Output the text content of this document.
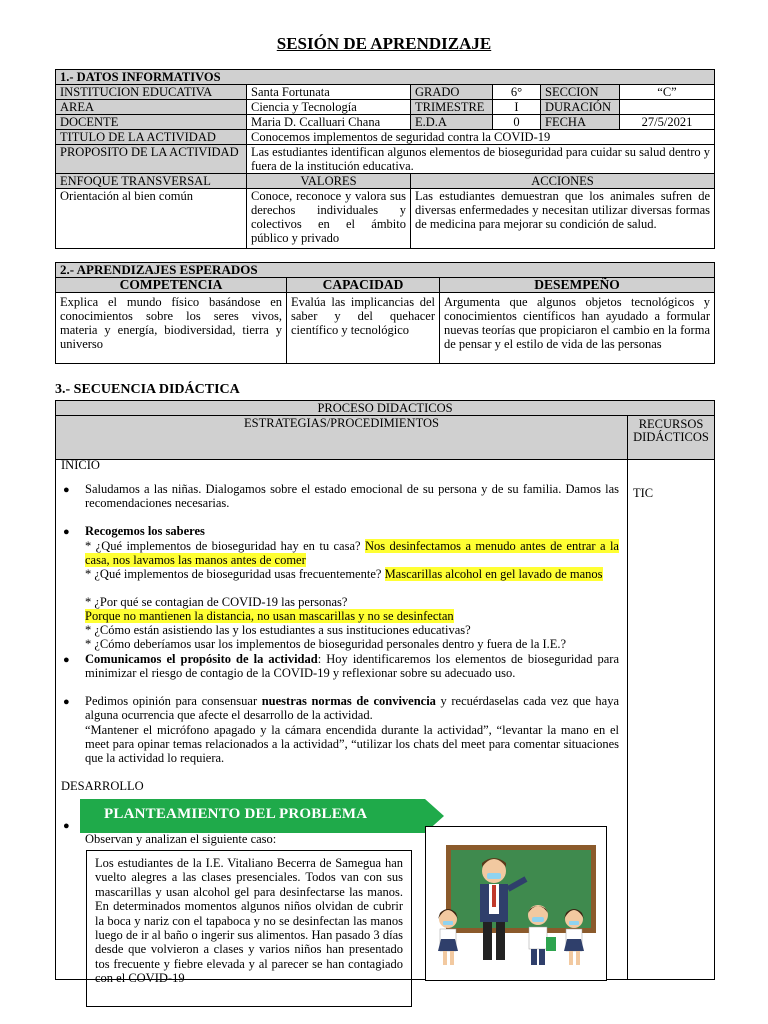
SESIÓN DE APRENDIZAJE
1.- DATOS INFORMATIVOS					
INSTITUCION EDUCATIVA	Santa Fortunata	GRADO	6°	SECCION	“C”
AREA	Ciencia y Tecnología	TRIMESTRE	I	DURACIÓN	
DOCENTE	Maria D. Ccalluari Chana	E.D.A	0	FECHA	27/5/2021
TITULO DE LA ACTIVIDAD	Conocemos implementos de seguridad contra la COVID-19				
PROPOSITO DE LA ACTIVIDAD	Las estudiantes identifican algunos elementos de bioseguridad para cuidar su salud dentro y fuera de la institución educativa.				
ENFOQUE TRANSVERSAL	VALORES	ACCIONES			
Orientación al bien común	Conoce, reconoce y valora sus derechos individuales y colectivos en el ámbito público y privado	Las estudiantes demuestran que los animales sufren de diversas enfermedades y necesitan utilizar diversas formas de medicina para mejorar su condición de salud.			
2.- APRENDIZAJES ESPERADOS		
COMPETENCIA	CAPACIDAD	DESEMPEÑO
Explica el mundo físico basándose en conocimientos sobre los seres vivos, materia y energía, biodiversidad, tierra y universo	Evalúa las implicancias del saber y del quehacer científico y tecnológico	Argumenta que algunos objetos tecnológicos y conocimientos científicos han ayudado a formular nuevas teorías que propiciaron el cambio en la forma de pensar y el estilo de vida de las personas
3.- SECUENCIA DIDÁCTICA
PROCESO DIDACTICOS	
ESTRATEGIAS/PROCEDIMIENTOS	RECURSOS DIDÁCTICOS

INICIO
● Saludamos a las niñas. Dialogamos sobre el estado emocional de su persona y de su familia. Damos las recomendaciones necesarias.
TIC
● Recogemos los saberes
* ¿Qué implementos de bioseguridad hay en tu casa? Nos desinfectamos a menudo antes de entrar a la casa, nos lavamos las manos antes de comer
* ¿Qué implementos de bioseguridad usas frecuentemente? Mascarillas alcohol en gel lavado de manos
* ¿Por qué se contagian de COVID-19 las personas?
Porque no mantienen la distancia, no usan mascarillas y no se desinfectan
* ¿Cómo están asistiendo las y los estudiantes a sus instituciones educativas?
* ¿Cómo deberíamos usar los implementos de bioseguridad personales dentro y fuera de la I.E.?
● Comunicamos el propósito de la actividad: Hoy identificaremos los elementos de bioseguridad para minimizar el riesgo de contagio de la COVID-19 y reflexionar sobre su adecuado uso.
● Pedimos opinión para consensuar nuestras normas de convivencia y recuérdaselas cada vez que haya alguna ocurrencia que afecte el desarrollo de la actividad.
“Mantener el micrófono apagado y la cámara encendida durante la actividad”, “levantar la mano en el meet para opinar temas relacionados a la actividad”, “utilizar los chats del meet para comentar situaciones que la actividad lo requiera.
DESARROLLO
PLANTEAMIENTO DEL PROBLEMA
●
Observan y analizan el siguiente caso:
Los estudiantes de la I.E. Vitaliano Becerra de Samegua han vuelto alegres a las clases presenciales. Todos van con sus mascarillas y usan alcohol gel para desinfectarse las manos. En determinados momentos algunos niños olvidan de cubrir la boca y nariz con el tapaboca y no se desinfectan las manos luego de ir al baño o ingerir sus alimentos. Han pasado 3 días desde que volvieron a clases y varios niños han presentado tos frecuente y fiebre elevada y al parecer se han contagiado con el COVID-19
